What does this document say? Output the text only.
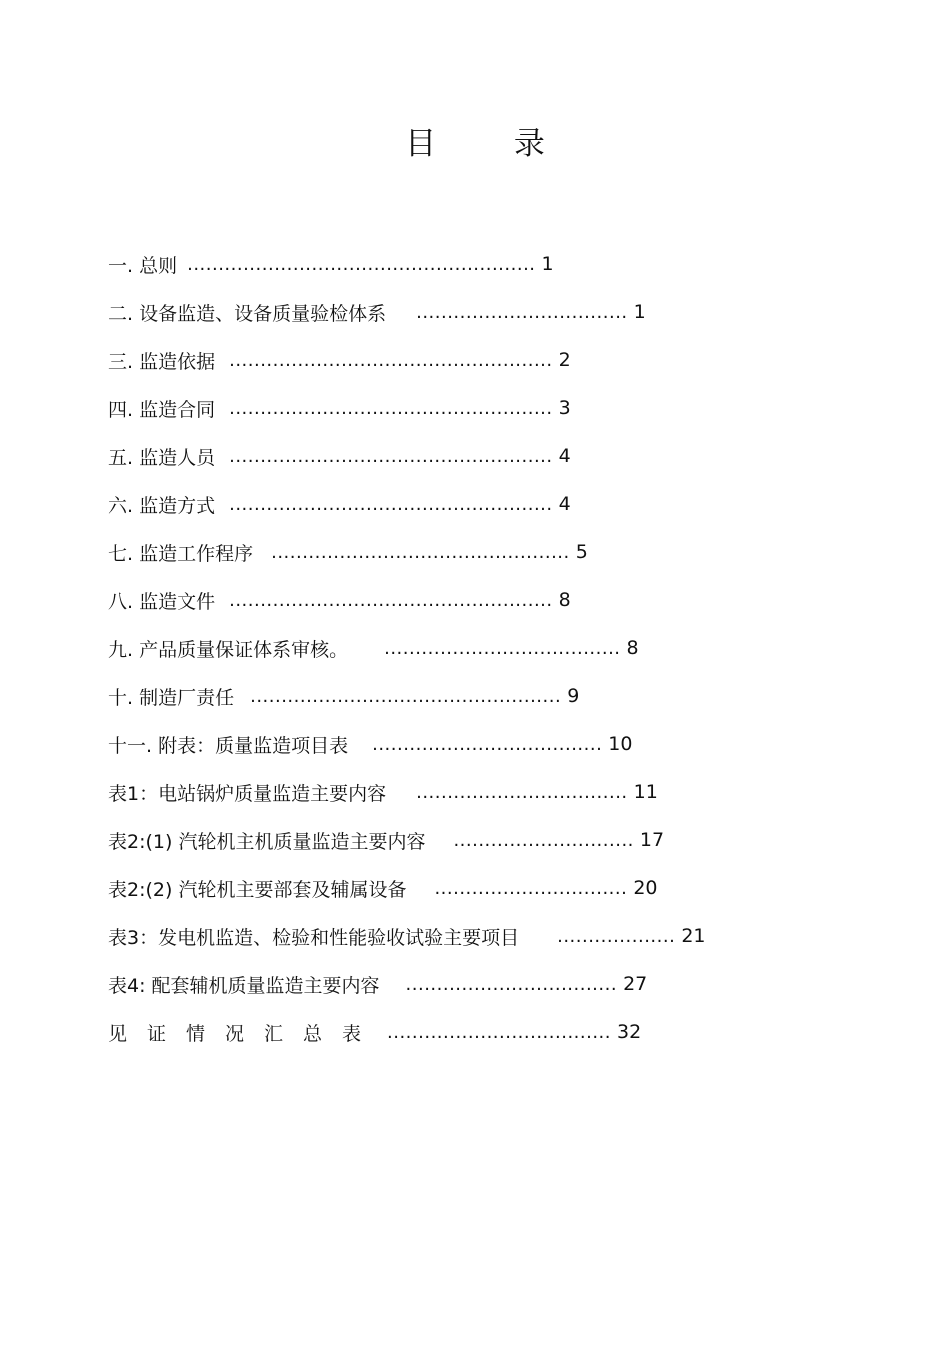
目 录
一. 总则 ........................................................ 1
二. 设备监造、设备质量验检体系 .................................. 1
三. 监造依据 .................................................... 2
四. 监造合同 .................................................... 3
五. 监造人员 .................................................... 4
六. 监造方式 .................................................... 4
七. 监造工作程序 ................................................ 5
八. 监造文件 .................................................... 8
九. 产品质量保证体系审核。 ...................................... 8
十. 制造厂责任 .................................................. 9
十一. 附表：质量监造项目表 ..................................... 10
表1：电站锅炉质量监造主要内容 .................................. 11
表2:(1) 汽轮机主机质量监造主要内容 ............................. 17
表2:(2) 汽轮机主要部套及辅属设备 ............................... 20
表3：发电机监造、检验和性能验收试验主要项目 ................... 21
表4: 配套辅机质量监造主要内容 .................................. 27
见证情况汇总表 .................................... 32
